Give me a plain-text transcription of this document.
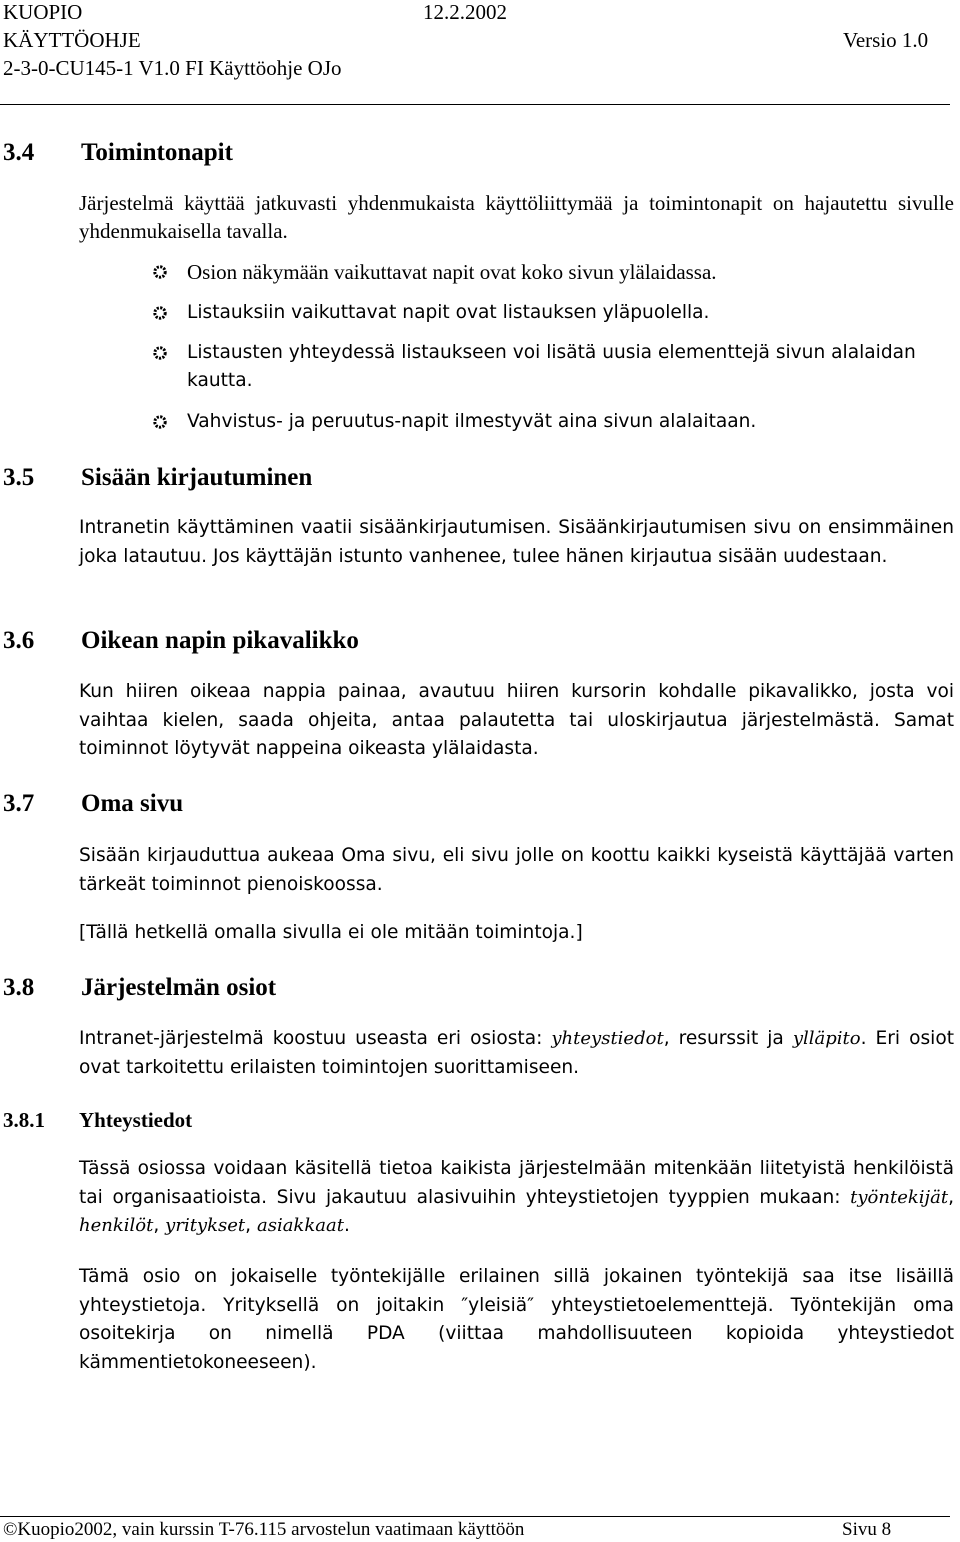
KUOPIO	12.2.2002
KÄYTTÖOHJE	Versio 1.0
2-3-0-CU145-1 V1.0 FI Käyttöohje OJo
3.4 Toimintonapit
Järjestelmä käyttää jatkuvasti yhdenmukaista käyttöliittymää ja toimintonapit on hajautettu sivulle yhdenmukaisella tavalla.
Osion näkymään vaikuttavat napit ovat koko sivun ylälaidassa.
Listauksiin vaikuttavat napit ovat listauksen yläpuolella.
Listausten yhteydessä listaukseen voi lisätä uusia elementtejä sivun alalaidan kautta.
Vahvistus- ja peruutus-napit ilmestyvät aina sivun alalaitaan.
3.5 Sisään kirjautuminen
Intranetin käyttäminen vaatii sisäänkirjautumisen. Sisäänkirjautumisen sivu on ensimmäinen joka latautuu. Jos käyttäjän istunto vanhenee, tulee hänen kirjautua sisään uudestaan.
3.6 Oikean napin pikavalikko
Kun hiiren oikeaa nappia painaa, avautuu hiiren kursorin kohdalle pikavalikko, josta voi vaihtaa kielen, saada ohjeita, antaa palautetta tai uloskirjautua järjestelmästä. Samat toiminnot löytyvät nappeina oikeasta ylälaidasta.
3.7 Oma sivu
Sisään kirjauduttua aukeaa Oma sivu, eli sivu jolle on koottu kaikki kyseistä käyttäjää varten tärkeät toiminnot pienoiskoossa.
[Tällä hetkellä omalla sivulla ei ole mitään toimintoja.]
3.8 Järjestelmän osiot
Intranet-järjestelmä koostuu useasta eri osiosta: yhteystiedot, resurssit ja ylläpito. Eri osiot ovat tarkoitettu erilaisten toimintojen suorittamiseen.
3.8.1 Yhteystiedot
Tässä osiossa voidaan käsitellä tietoa kaikista järjestelmään mitenkään liitetyistä henkilöistä tai organisaatioista. Sivu jakautuu alasivuihin yhteystietojen tyyppien mukaan: työntekijät, henkilöt, yritykset, asiakkaat.
Tämä osio on jokaiselle työntekijälle erilainen sillä jokainen työntekijä saa itse lisäillä yhteystietoja. Yrityksellä on joitakin ″yleisiä″ yhteystietoelementtejä. Työntekijän oma osoitekirja on nimellä PDA (viittaa mahdollisuuteen kopioida yhteystiedot kämmentietokoneeseen).
©Kuopio2002, vain kurssin T-76.115 arvostelun vaatimaan käyttöön	Sivu 8
